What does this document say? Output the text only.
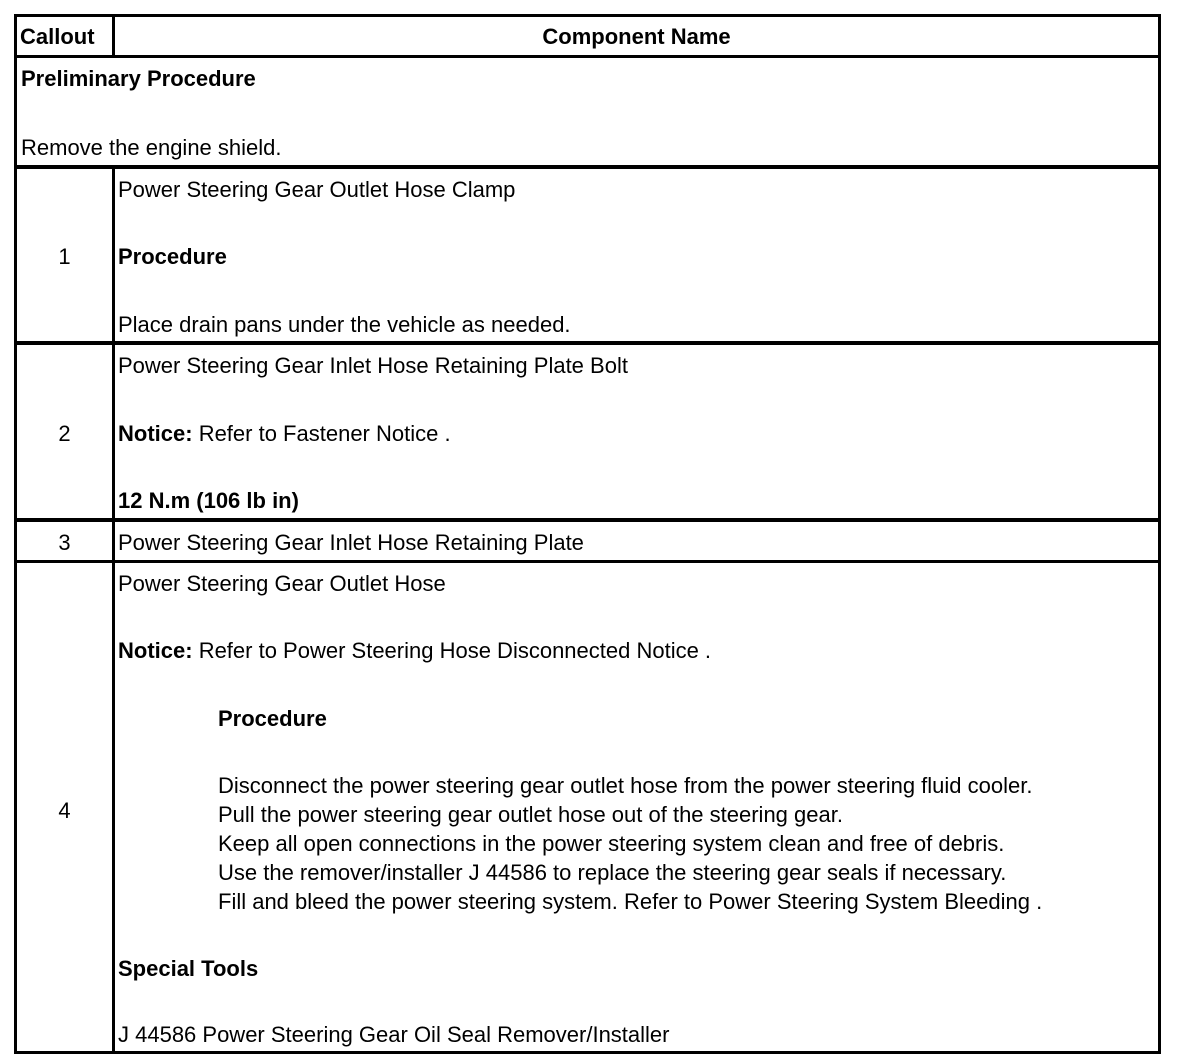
Callout	Component Name
Preliminary Procedure
Remove the engine shield.
1
Power Steering Gear Outlet Hose Clamp
Procedure
Place drain pans under the vehicle as needed.
2
Power Steering Gear Inlet Hose Retaining Plate Bolt
Notice: Refer to Fastener Notice .
12 N.m (106 lb in)
3	Power Steering Gear Inlet Hose Retaining Plate
4
Power Steering Gear Outlet Hose
Notice: Refer to Power Steering Hose Disconnected Notice .
Procedure
Disconnect the power steering gear outlet hose from the power steering fluid cooler.
Pull the power steering gear outlet hose out of the steering gear.
Keep all open connections in the power steering system clean and free of debris.
Use the remover/installer J 44586 to replace the steering gear seals if necessary.
Fill and bleed the power steering system. Refer to Power Steering System Bleeding .
Special Tools
J 44586 Power Steering Gear Oil Seal Remover/Installer
